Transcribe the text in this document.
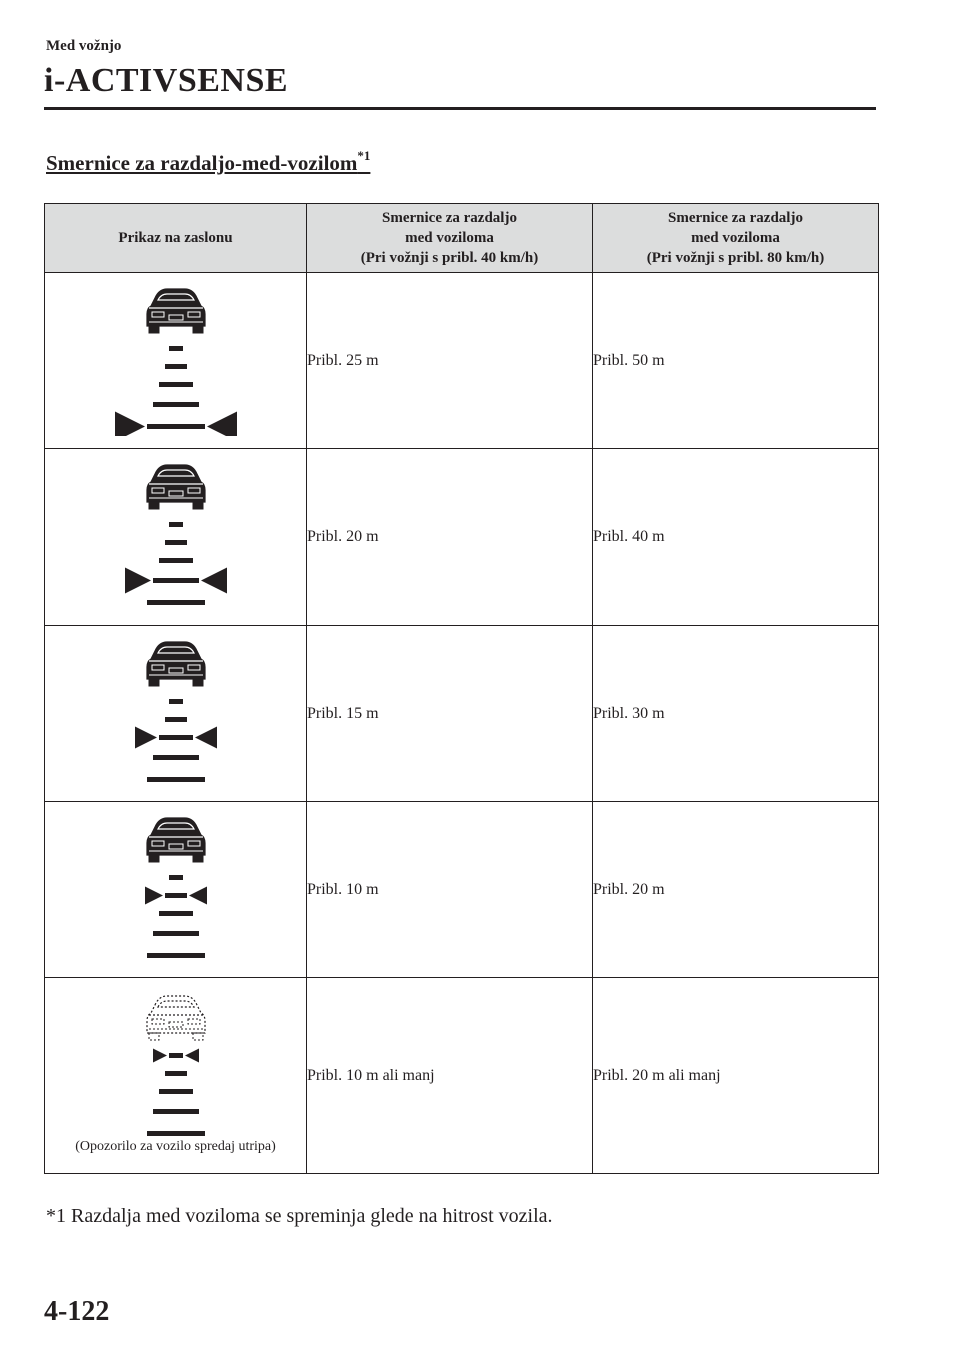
Med vožnjo
i-ACTIVSENSE
Smernice za razdaljo-med-vozilom$^{*1}$
Prikaz na zaslonu	Smernice za razdaljo
med voziloma
(Pri vožnji s pribl. 40 km/h)	Smernice za razdaljo
med voziloma
(Pri vožnji s pribl. 80 km/h)

	Pribl. 25 m	Pribl. 50 m

	Pribl. 20 m	Pribl. 40 m

	Pribl. 15 m	Pribl. 30 m

	Pribl. 10 m	Pribl. 20 m

(Opozorilo za vozilo spredaj utripa)	Pribl. 10 m ali manj	Pribl. 20 m ali manj
*1 Razdalja med voziloma se spreminja glede na hitrost vozila.
4-122
